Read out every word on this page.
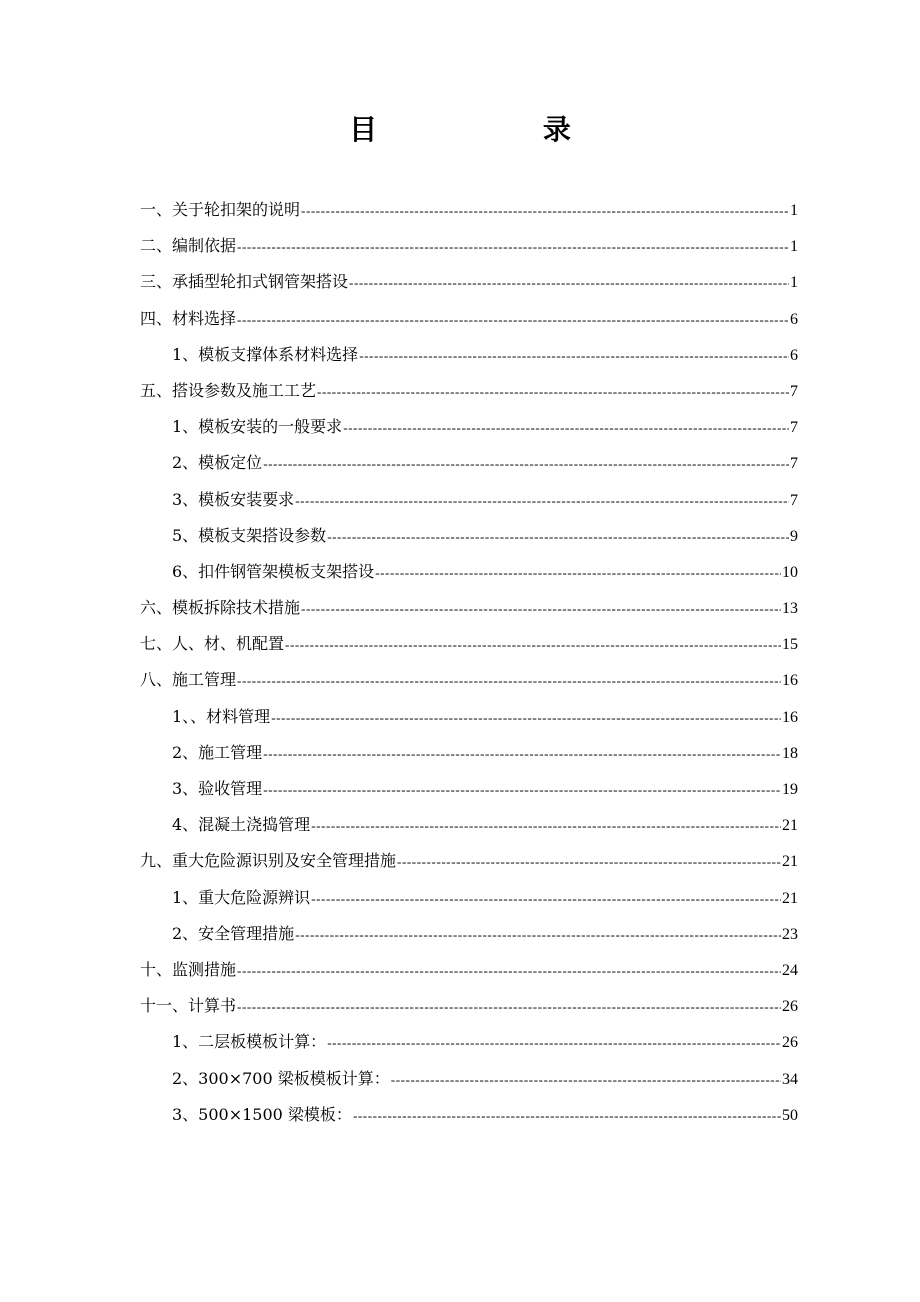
目 录
一、关于轮扣架的说明 -----	1
二、编制依据 -----	1
三、承插型轮扣式钢管架搭设 -----	1
四、材料选择 -----	6
1、模板支撑体系材料选择 -----	6
五、搭设参数及施工工艺 -----	7
1、模板安装的一般要求 -----	7
2、模板定位 -----	7
3、模板安装要求 -----	7
5、模板支架搭设参数 -----	9
6、扣件钢管架模板支架搭设 -----	10
六、模板拆除技术措施 -----	13
七、人、材、机配置 -----	15
八、施工管理 -----	16
1、、材料管理 -----	16
2、施工管理 -----	18
3、验收管理 -----	19
4、混凝土浇捣管理 -----	21
九、重大危险源识别及安全管理措施 -----	21
1、重大危险源辨识 -----	21
2、安全管理措施 -----	23
十、监测措施 -----	24
十一、计算书 -----	26
1、二层板模板计算： -----	26
2、300×700 梁板模板计算： -----	34
3、500×1500 梁模板： -----	50
